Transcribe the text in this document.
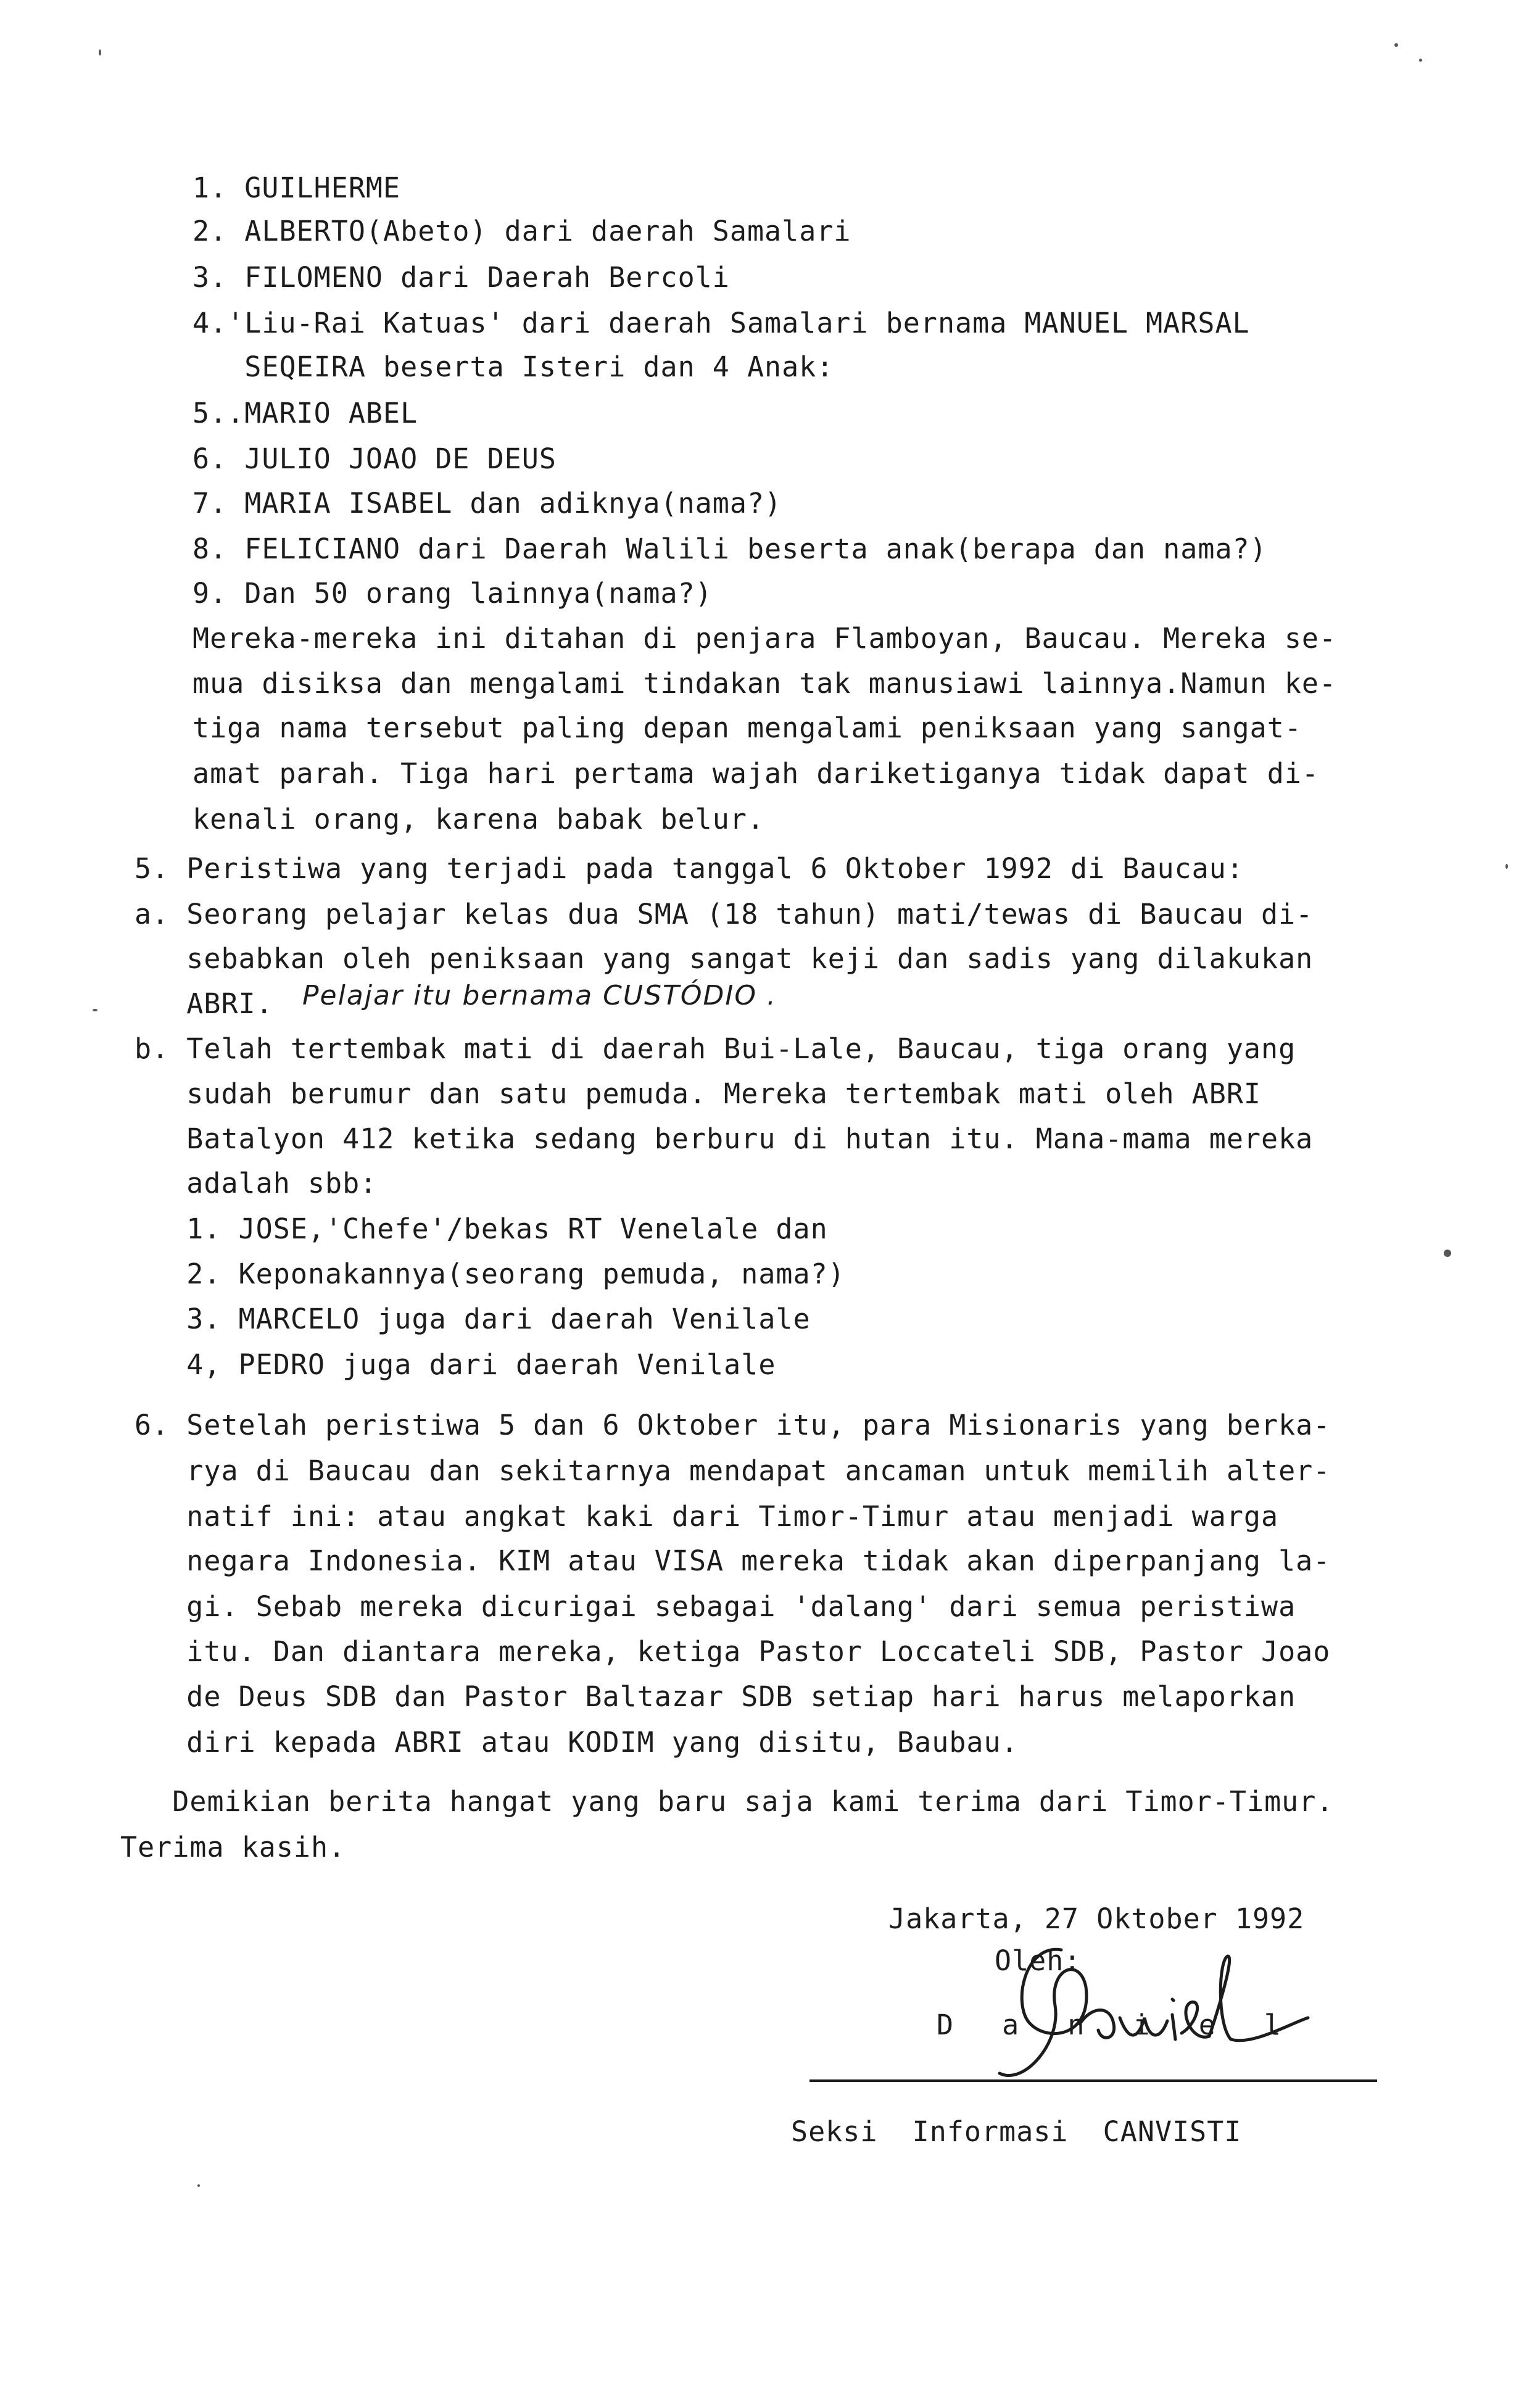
1. GUILHERME
2. ALBERTO(Abeto) dari daerah Samalari
3. FILOMENO dari Daerah Bercoli
4.'Liu-Rai Katuas' dari daerah Samalari bernama MANUEL MARSAL
SEQEIRA beserta Isteri dan 4 Anak:
5..MARIO ABEL
6. JULIO JOAO DE DEUS
7. MARIA ISABEL dan adiknya(nama?)
8. FELICIANO dari Daerah Walili beserta anak(berapa dan nama?)
9. Dan 50 orang lainnya(nama?)
Mereka-mereka ini ditahan di penjara Flamboyan, Baucau. Mereka se-
mua disiksa dan mengalami tindakan tak manusiawi lainnya.Namun ke-
tiga nama tersebut paling depan mengalami peniksaan yang sangat-
amat parah. Tiga hari pertama wajah dariketiganya tidak dapat di-
kenali orang, karena babak belur.
5. Peristiwa yang terjadi pada tanggal 6 Oktober 1992 di Baucau:
a. Seorang pelajar kelas dua SMA (18 tahun) mati/tewas di Baucau di-
sebabkan oleh peniksaan yang sangat keji dan sadis yang dilakukan
ABRI. Pelajar itu bernama CUSTÓDIO .
b. Telah tertembak mati di daerah Bui-Lale, Baucau, tiga orang yang
sudah berumur dan satu pemuda. Mereka tertembak mati oleh ABRI
Batalyon 412 ketika sedang berburu di hutan itu. Mana-mama mereka
adalah sbb:
1. JOSE,'Chefe'/bekas RT Venelale dan
2. Keponakannya(seorang pemuda, nama?)
3. MARCELO juga dari daerah Venilale
4, PEDRO juga dari daerah Venilale
6. Setelah peristiwa 5 dan 6 Oktober itu, para Misionaris yang berka-
rya di Baucau dan sekitarnya mendapat ancaman untuk memilih alter-
natif ini: atau angkat kaki dari Timor-Timur atau menjadi warga
negara Indonesia. KIM atau VISA mereka tidak akan diperpanjang la-
gi. Sebab mereka dicurigai sebagai 'dalang' dari semua peristiwa
itu. Dan diantara mereka, ketiga Pastor Loccateli SDB, Pastor Joao
de Deus SDB dan Pastor Baltazar SDB setiap hari harus melaporkan
diri kepada ABRI atau KODIM yang disitu, Baubau.
Demikian berita hangat yang baru saja kami terima dari Timor-Timur.
Terima kasih.
Jakarta, 27 Oktober 1992
Oleh:
D a n i e l
Seksi  Informasi  CANVISTI
